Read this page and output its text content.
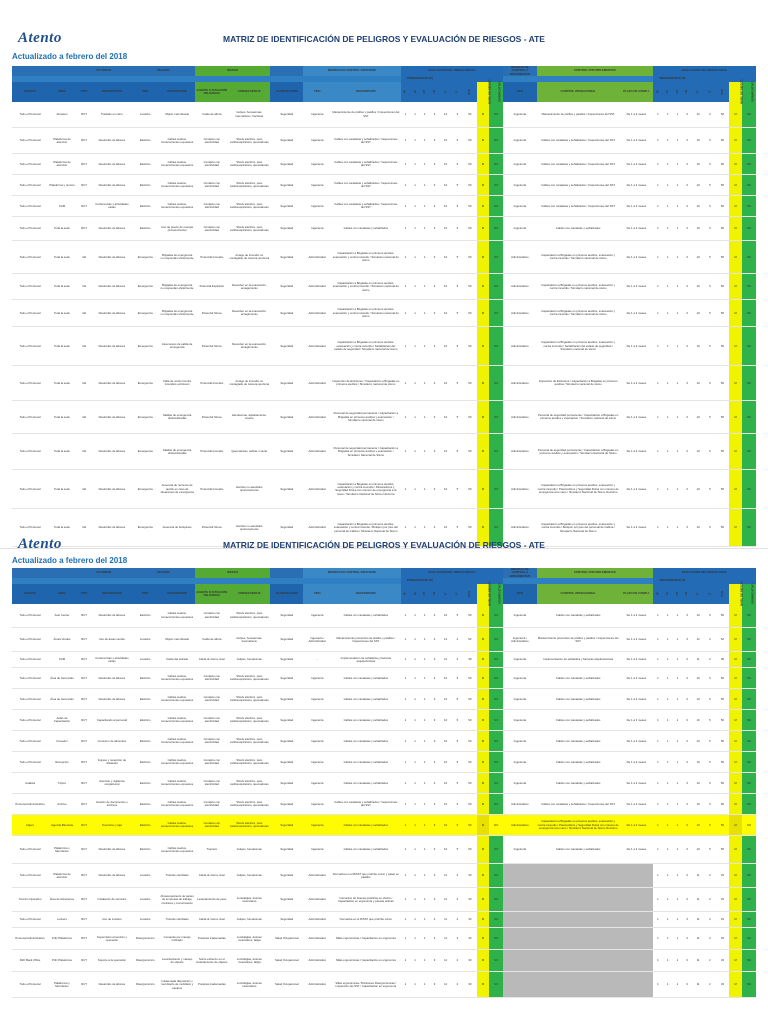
Atento	MATRIZ DE IDENTIFICACIÓN DE PELIGROS Y EVALUACIÓN DE RIESGOS - ATE
Actualizado a febrero del 2018
		ACTIVIDAD		PELIGRO		RIESGO			MEDIDAS DE CONTROL EXISTENTE		EVALUACIÓN DEL RIESGO INICIAL									MEDIDAS DE CONTROL A IMPLEMENTAR	CONTROL POR IMPLEMENTAR		EVALUACIÓN DEL RIESGO FINAL								
											PROBABILIDAD (P)												PROBABILIDAD (P)								
PUESTO	ÁREA	TIPO	DESCRIPCIÓN	TIPO	DESCRIPCIÓN	AGENTE O SITUACIÓN PELIGROSA	CONSECUENCIA	CLASIFICACIÓN	TIPO	DESCRIPCIÓN	IP	IC	I P	I E	P	S	P×S	NIVEL DE RIESGO	SIGNIFICATIVO	TIPO	CONTROL OPERACIONAL	PLAZO DE CUMPLI.	IP	IC	I P	I E	P	S	P×S	NIVEL DE RIESGO	SIGNIFICATIVO
Todo el Personal	Almacén	RUT	Traslado en carro	Locativo	Objeto mal ubicado	Caída de altura	Golpes, hematomas, traumatismo, fracturas	Seguridad	Ingeniería	Mantenimiento de pisillos y pasillos / Inspecciones del SST	1	1	1	3	12	2	52	M	NO	Ingeniería	Mantenimiento de pisillos y pasillos / Inspecciones del SST	De 1 a 3 meses	1	1	1	3	12	2	52	M	NO
Todo el Personal	Plataforma de atención	RUT	Desarrollo de labores	Eléctrico	Cables sueltos, tomacorrientes expuestos	Contacto con electricidad	Shock eléctrico, paro cardiorespiratorio, quemaduras	Seguridad	Ingeniería	Cables con canaletas y señalizados / Inspecciones del SST	1	1	1	3	10	5	50	M	NO	Ingeniería	Cables con canaletas y señalizados / Inspecciones del SST	De 1 a 3 meses	1	1	1	3	10	5	50	M	NO
Todo el Personal	Plataforma de atención	RUT	Desarrollo de labores	Eléctrico	Cables sueltos, tomacorrientes expuestos	Contacto con electricidad	Shock eléctrico, paro cardiorespiratorio, quemaduras	Seguridad	Ingeniería	Cables con canaletas y señalizados / Inspecciones del SST	1	1	1	3	10	5	50	M	NO	Ingeniería	Cables con canaletas y señalizados / Inspecciones del SST	De 1 a 3 meses	1	1	1	3	10	5	50	M	NO
Todo el Personal	Plataforma y remoto	RUT	Desarrollo de labores	Eléctrico	Cables sueltos, tomacorrientes expuestos	Contacto con electricidad	Shock eléctrico, paro cardiorespiratorio, quemaduras	Seguridad	Ingeniería	Cables con canaletas y señalizados / Inspecciones del SST	1	1	1	3	10	5	50	M	NO	Ingeniería	Cables con canaletas y señalizados / Inspecciones del SST	De 1 a 3 meses	1	1	1	3	10	5	50	M	NO
Todo el Personal	SUM	RUT	Conferencias y actividades varias	Eléctrico	Cables sueltos, tomacorrientes expuestos	Contacto con electricidad	Shock eléctrico, paro cardiorespiratorio, quemaduras	Seguridad	Ingeniería	Cables con canaletas y señalizados / Inspecciones del SST	1	1	1	3	10	5	50	M	NO	Ingeniería	Cables con canaletas y señalizados / Inspecciones del SST	De 1 a 3 meses	1	1	1	3	10	5	50	M	NO
Todo el Personal	Toda la sede	RUT	Desarrollo de labores	Eléctrico	Uso de puerto de energía (tomacorriente)	Contacto con electricidad	Shock eléctrico, paro cardiorespiratorio, quemaduras	Seguridad	Ingeniería	Cables con canaletas y señalizados	1	1	1	3	10	5	50	M	NO	Ingeniería	Cables con canaletas y señalizados	De 1 a 3 meses	1	1	1	3	10	5	50	M	NO
Todo el Personal	Toda la sede	CE	Desarrollo de labores	Emergencia	Brigadas de emergencia no respondan eficazmente	Potencial Incendio	Amago de incendio no contagiado de manera oportuna	Seguridad	Administrativo	Capacitación a Brigadas en primeros auxilios, evacuación y contra incendio / Simulacro nacional de sismo	1	1	1	3	10	5	50	M	NO	Administrativo	Capacitación a Brigadas en primeros auxilios, evacuación y contra incendio / Simulacro nacional de sismo	De 1 a 3 meses	1	1	1	3	10	5	50	M	NO
Todo el Personal	Toda la sede	CE	Desarrollo de labores	Emergencia	Brigadas de emergencia no respondan eficazmente	Potencial Explosión	Desorden en la evacuación, amagamiento	Seguridad	Administrativo	Capacitación a Brigadas en primeros auxilios, evacuación y contra incendio / Simulacro nacional de sismo	1	1	1	3	10	5	50	M	NO	Administrativo	Capacitación a Brigadas en primeros auxilios, evacuación y contra incendio / Simulacro nacional de sismo	De 1 a 3 meses	1	1	1	3	10	5	50	M	NO
Todo el Personal	Toda la sede	CE	Desarrollo de labores	Emergencia	Brigadas de emergencia no respondan eficazmente	Potencial Sismo	Desorden en la evacuación, amagamiento	Seguridad	Administrativo	Capacitación a Brigadas en primeros auxilios, evacuación y contra incendio / Simulacro nacional de sismo	1	1	1	3	10	5	50	M	NO	Administrativo	Capacitación a Brigadas en primeros auxilios, evacuación y contra incendio / Simulacro nacional de sismo	De 1 a 3 meses	1	1	1	3	10	5	50	M	NO
Todo el Personal	Toda la sede	CE	Desarrollo de labores	Emergencia	Ascensores de salida de emergencia	Potencial Sismo	Desorden en la evacuación, amagamiento	Seguridad	Administrativo	Capacitación a Brigadas en primeros auxilios, evacuación y contra incendio / Señalización del estado de seguridad / Simulacro nacional de sismo	1	1	1	3	10	5	50	M	NO	Administrativo	Capacitación a Brigadas en primeros auxilios, evacuación y contra incendio / Señalización del estado de seguridad / Simulacro nacional de sismo	De 1 a 3 meses	1	1	1	3	10	5	50	M	NO
Todo el Personal	Toda la sede	CE	Desarrollo de labores	Emergencia	Falta de control contra incendios extintores	Potencial Incendio	Amago de incendio no contagiado de manera oportuna	Seguridad	Administrativo	Inspección de Extintores / Capacitación a Brigadas en primeros auxilios / Simulacro nacional de sismo	1	1	1	3	10	5	50	M	NO	Administrativo	Inspección de Extintores / Capacitación a Brigadas en primeros auxilios / Simulacro nacional de sismo	De 1 a 3 meses	1	1	1	3	10	5	50	M	NO
Todo el Personal	Toda la sede	CE	Desarrollo de labores	Emergencia	Salidas de emergencia obstaculizadas	Potencial Sismo	Hematomas, aplastamiento, muerte	Seguridad	Administrativo	Personal de seguridad permanente / Capacitación a Brigadas en primeros auxilios y evacuación / Simulacro nacional de sismo	1	1	1	3	10	5	50	M	NO	Administrativo	Personal de seguridad permanente / Capacitación a Brigadas en primeros auxilios y evacuación / Simulacro nacional de sismo	De 1 a 3 meses	1	1	1	3	10	5	50	M	NO
Todo el Personal	Toda la sede	CE	Desarrollo de labores	Emergencia	Salidas de emergencia obstaculizadas	Potencial Incendio	Quemaduras, asfixia, muerte	Seguridad	Administrativo	Personal de seguridad permanente / Capacitación a Brigadas en primeros auxilios y evacuación / Simulacro Nacional de Sismo	1	1	1	3	10	5	50	M	NO	Administrativo	Personal de seguridad permanente / Capacitación a Brigadas en primeros auxilios y evacuación / Simulacro Nacional de Sismo	De 1 a 3 meses	1	1	1	3	10	5	50	M	NO
Todo el Personal	Toda la sede	CE	Desarrollo de labores	Emergencia	Ausencia de números de auxilio en caso de situaciones de emergencia	Potencial Incendio	Heridos no atendidos oportunamente	Seguridad	Administrativo	Capacitación a Brigadas en primeros auxilios, evacuación y contra incendio / Paramédicos y Seguridad Física con número de emergencia a la mano / Simulacro Nacional de Sismo Nocturno	1	1	1	3	10	5	50	M	NO	Administrativo	Capacitación a Brigadas en primeros auxilios, evacuación y contra incendio / Paramédicos y Seguridad Física con número de emergencia a la mano / Simulacro Nacional de Sismo Nocturno	De 1 a 3 meses	1	1	1	3	10	5	50	M	NO
Todo el Personal	Toda la sede	CE	Desarrollo de labores	Emergencia	Ausencia de botiquines	Potencial Sismo	Heridos no atendidos oportunamente	Seguridad	Administrativo	Capacitación a Brigadas en primeros auxilios, evacuación y contra incendio / Botiquín por piso del personal de Cabina / Simulacro Nacional de Sismo	1	1	1	3	10	5	50	M	NO	Administrativo	Capacitación a Brigadas en primeros auxilios, evacuación y contra incendio / Botiquín por piso del personal de Cabina / Simulacro Nacional de Sismo	De 1 a 3 meses	1	1	1	3	10	5	50	M	NO
Atento	MATRIZ DE IDENTIFICACIÓN DE PELIGROS Y EVALUACIÓN DE RIESGOS - ATE
Actualizado a febrero del 2018
		ACTIVIDAD		PELIGRO		RIESGO			MEDIDAS DE CONTROL EXISTENTE		EVALUACIÓN DEL RIESGO INICIAL									MEDIDAS DE CONTROL A IMPLEMENTAR	CONTROL POR IMPLEMENTAR		EVALUACIÓN DEL RIESGO FINAL								
											PROBABILIDAD (P)												PROBABILIDAD (P)								
PUESTO	ÁREA	TIPO	DESCRIPCIÓN	TIPO	DESCRIPCIÓN	AGENTE O SITUACIÓN PELIGROSA	CONSECUENCIA	CLASIFICACIÓN	TIPO	DESCRIPCIÓN	IP	IC	I P	I E	P	S	P×S	NIVEL DE RIESGO	SIGNIFICATIVO	TIPO	CONTROL OPERACIONAL	PLAZO DE CUMPLI.	IP	IC	I P	I E	P	S	P×S	NIVEL DE RIESGO	SIGNIFICATIVO
Todo el Personal	Auto Center	RUT	Desarrollo de labores	Eléctrico	Cables sueltos, tomacorrientes expuestos	Contacto con electricidad	Shock eléctrico, paro cardiorespiratorio, quemaduras	Seguridad	Ingeniería	Cables con canaletas y señalizados	1	1	1	3	10	5	50	M	NO	Ingeniería	Cables con canaletas y señalizados	De 1 a 3 meses	1	1	1	3	10	5	50	M	NO
Todo el Personal	Áreas Verdes	RUT	Uso de áreas verdes	Locativo	Objeto mal ubicado	Caída de altura	Golpes, hematomas, traumatismo	Seguridad	Ingeniería / Administrativo	Mantenimiento preventivo de pisillos y pasillos / Inspecciones del SST	1	1	1	3	12	2	52	M	NO	Ingeniería / Administrativo	Mantenimiento preventivo de pisillos y pasillos / Inspecciones del SST	De 1 a 3 meses	1	1	1	3	12	2	52	M	NO
Todo el Personal	SUM	RUT	Conferencias y actividades varias	Locativo	Caída del estrado	Caída al mismo nivel	Golpes, hematomas	Seguridad	-	Implementación de señalética y barreras arquitectónicas	1	1	1	3	11	2	38	M	NO	Ingeniería	Implementación de señalética y barreras arquitectónicas	De 1 a 3 meses	1	1	1	3	11	2	38	M	NO
Todo el Personal	Área de Gerencias	RUT	Desarrollo de labores	Eléctrico	Cables sueltos, tomacorrientes expuestos	Contacto con electricidad	Shock eléctrico, paro cardiorespiratorio, quemaduras	Seguridad	Ingeniería	Cables con canaletas y señalizados	1	1	1	3	10	5	50	M	NO	Ingeniería	Cables con canaletas y señalizados	De 1 a 3 meses	1	1	1	3	10	5	50	M	NO
Todo el Personal	Área de Gerencias	RUT	Desarrollo de labores	Eléctrico	Cables sueltos, tomacorrientes expuestos	Contacto con electricidad	Shock eléctrico, paro cardiorespiratorio, quemaduras	Seguridad	Ingeniería	Cables con canaletas y señalizados	1	1	1	3	10	5	50	M	NO	Ingeniería	Cables con canaletas y señalizados	De 1 a 3 meses	1	1	1	3	10	5	50	M	NO
Todo el Personal	Aulas de Capacitación	RUT	Capacitando al personal	Eléctrico	Cables sueltos, tomacorrientes expuestos	Contacto con electricidad	Shock eléctrico, paro cardiorespiratorio, quemaduras	Seguridad	Ingeniería	Cables con canaletas y señalizados	1	1	1	3	10	5	50	M	NO	Ingeniería	Cables con canaletas y señalizados	De 1 a 3 meses	1	1	1	3	10	5	50	M	NO
Todo el Personal	Comedor	RUT	Consumo de alimentos	Eléctrico	Cables sueltos, tomacorrientes expuestos	Contacto con electricidad	Shock eléctrico, paro cardiorespiratorio, quemaduras	Seguridad	Ingeniería	Cables con canaletas y señalizados	1	1	1	3	10	5	50	M	NO	Ingeniería	Cables con canaletas y señalizados	De 1 a 3 meses	1	1	1	3	10	5	50	M	NO
Todo el Personal	Recepción	RUT	Ingreso y recepción de visitantes	Eléctrico	Cables sueltos, tomacorrientes expuestos	Contacto con electricidad	Shock eléctrico, paro cardiorespiratorio, quemaduras	Seguridad	Ingeniería	Cables con canaletas y señalizados	1	1	1	3	10	5	50	M	NO	Ingeniería	Cables con canaletas y señalizados	De 1 a 3 meses	1	1	1	3	10	5	50	M	NO
Analista	Tópico	RUT	Atención y vigilancia ocupacional	Eléctrico	Cables sueltos, tomacorrientes expuestos	Contacto con electricidad	Shock eléctrico, paro cardiorespiratorio, quemaduras	Seguridad	Ingeniería	Cables con canaletas y señalizados	1	1	1	3	10	5	50	M	NO	Ingeniería	Cables con canaletas y señalizados	De 1 a 3 meses	1	1	1	3	10	5	50	M	NO
Personal Administrativo	Archivo	RUT	Gestión de documentos y archivos	Eléctrico	Cables sueltos, tomacorrientes expuestos	Contacto con electricidad	Shock eléctrico, paro cardiorespiratorio, quemaduras	Seguridad	Ingeniería	Cables con canaletas y señalizados / Inspecciones del SST	1	1	1	3	10	5	50	M	NO	Administrativo	Cables con canaletas y señalizados / Inspecciones del SST	De 1 a 3 meses	1	1	1	3	10	5	50	M	NO
Cajero	Agencia Bancaria	RUT	Tesorería y caja	Eléctrico	Cables sueltos, tomacorrientes expuestos	Contacto con electricidad	Shock eléctrico, paro cardiorespiratorio, quemaduras	Seguridad	Ingeniería	Cables con canaletas y señalizados	1	1	1	3	10	5	50	M	NO	Administrativo	Capacitación a Brigadas en primeros auxilios, evacuación y contra incendio / Paramédicos y Seguridad Física con número de emergencia a la mano / Simulacro Nacional de Sismo Nocturno	De 1 a 3 meses	1	1	1	3	10	5	50	M	NO
Todo el Personal	Plataforma y Mezzanine	RUT	Desarrollo de labores	Eléctrico	Cables sueltos, tomacorrientes expuestos	Tropiezo	Golpes, hematomas	Seguridad	Ingeniería	Cables con canaletas y señalizados	1	1	1	3	10	5	50	M	NO	Ingeniería	Cables con canaletas y señalizados	De 1 a 3 meses	1	1	1	3	10	5	50	M	NO
Todo el Personal	Plataforma de atención	RUT	Desarrollo de labores	Locativo	Tránsito cambiado	Caída al mismo nivel	Golpes, hematomas	Seguridad	Administrativo	Normativa en el RISST que prohíbe correr y pasar en pasillos	1	1	1	3	11	2	33	M	NO				1	1	1	3	11	2	33	M	NO
Técnico Operativo	Área de Almacenes	RUT	Instalación de servicios	Locativo	Almacenamiento de partes de empresas de trabajo, contratos y comunicación	Levantamiento de peso	Lumbalgias, dolores musculares	Seguridad	Administrativo	Instructivo de buenas prácticas en oficina / Capacitación en ergonomía y pausas activas	1	1	1	3	11	2	33	M	NO				1	1	1	3	11	2	33	M	NO
Todo el Personal	Lockers	RUT	Uso de Lockers	Locativo	Tránsito cambiado	Caída al mismo nivel	Golpes, hematomas	Seguridad	Administrativo	Normativa en el RISST que prohíbe correr	1	1	1	3	11	2	33	M	NO				1	1	1	3	11	2	33	M	NO
Personal Administrativo	PdC Plataforma	RUT	Supervisión al servicio y operación	Disergonómico	Comando por manejo inclinado	Posturas inadecuadas	Lumbalgias, dolores musculares, fatiga	Salud Ocupacional	Administrativo	Sillas ergonómicas / Capacitación en ergonomía	1	1	1	3	11	2	33	M	NO				1	1	1	3	11	2	33	M	NO
RdC Back Office	PdC Plataforma	RUT	Soporte a la operación	Disergonómico	Levantamiento y manejo de objetos	Sobre esfuerzo en el levantamiento de objetos	Lumbalgias, dolores musculares, fatiga	Salud Ocupacional	Administrativo	Sillas ergonómicas / Capacitación en ergonomía	1	1	1	3	11	2	33	M	NO				1	1	1	3	11	2	33	M	NO
Todo el Personal	Plataforma y Mezzanine	RUT	Desarrollo de labores	Disergonómico	Inadecuada disposición y mal diseño de mobiliario y equipos	Posturas inadecuadas	Lumbalgias, dolores musculares	Salud Ocupacional	Administrativo	Sillas ergonómicas / Divisiones Disergonómicas / Inspección del SST / Capacitación en ergonomía	1	1	1	3	11	2	33	M	NO				1	1	1	3	11	2	33	M	NO
